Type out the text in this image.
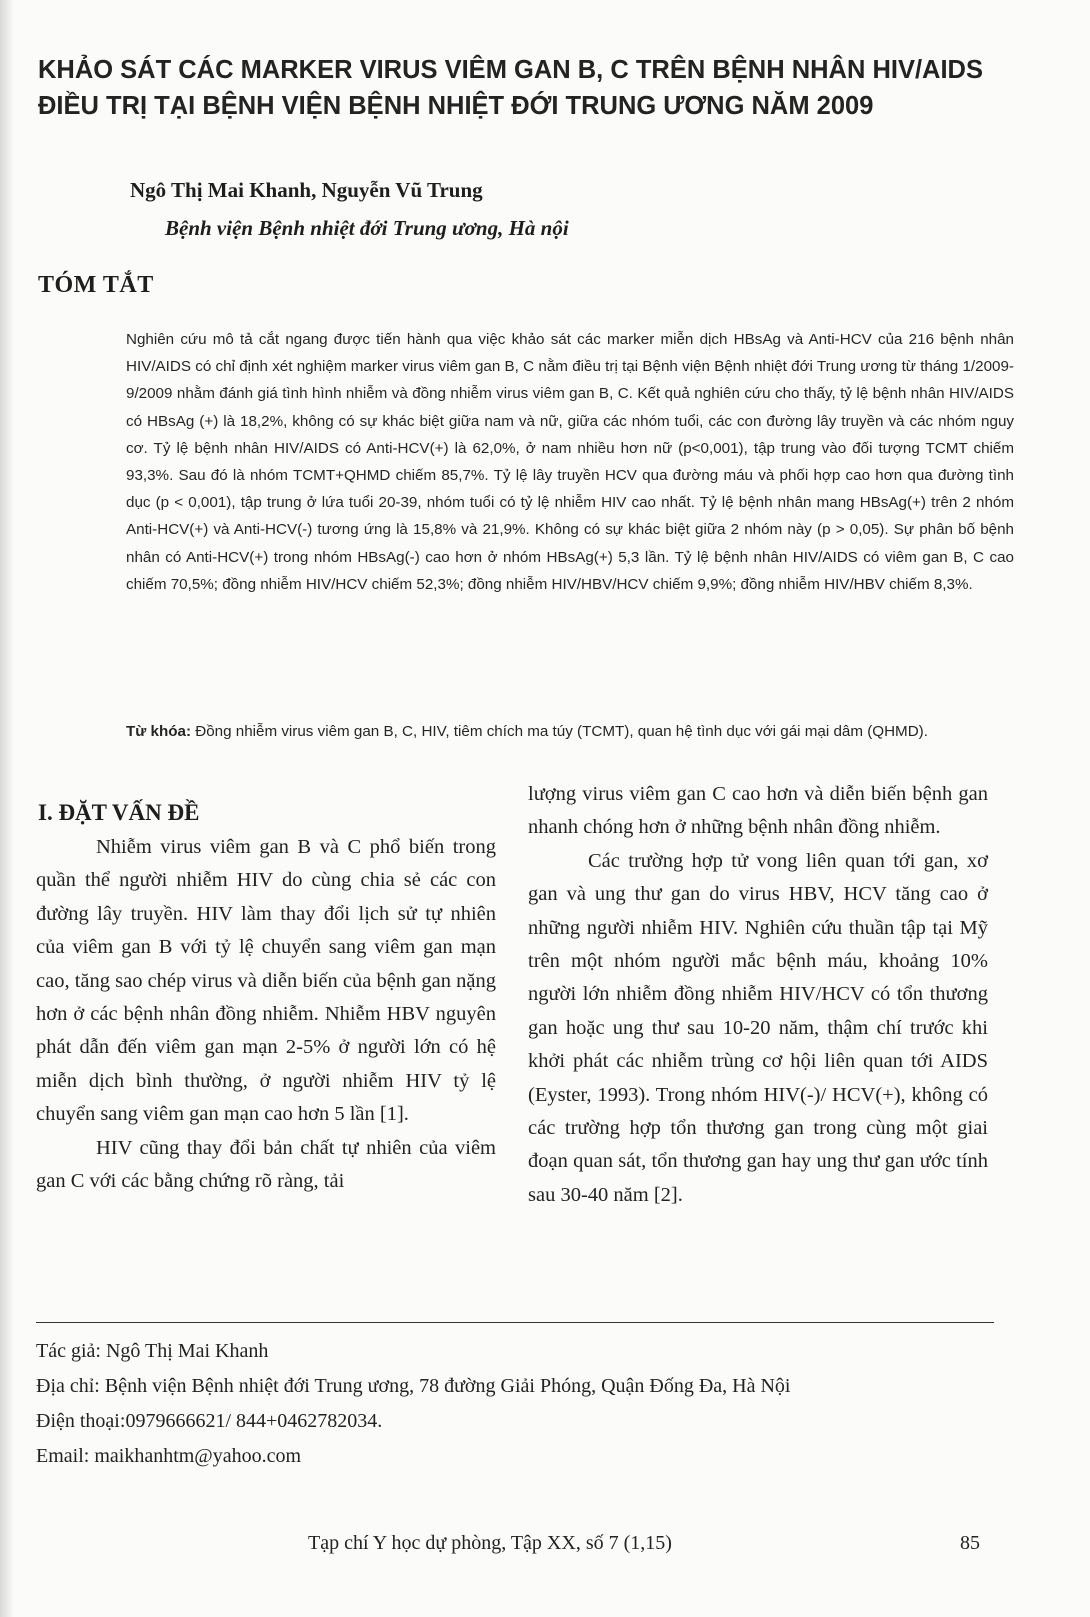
KHẢO SÁT CÁC MARKER VIRUS VIÊM GAN B, C TRÊN BỆNH NHÂN HIV/AIDS
ĐIỀU TRỊ TẠI BỆNH VIỆN BỆNH NHIỆT ĐỚI TRUNG ƯƠNG NĂM 2009
Ngô Thị Mai Khanh, Nguyễn Vũ Trung
Bệnh viện Bệnh nhiệt đới Trung ương, Hà nội
TÓM TẮT
Nghiên cứu mô tả cắt ngang được tiến hành qua việc khảo sát các marker miễn dịch HBsAg và Anti-HCV của 216 bệnh nhân HIV/AIDS có chỉ định xét nghiệm marker virus viêm gan B, C nằm điều trị tại Bệnh viện Bệnh nhiệt đới Trung ương từ tháng 1/2009-9/2009 nhằm đánh giá tình hình nhiễm và đồng nhiễm virus viêm gan B, C. Kết quả nghiên cứu cho thấy, tỷ lệ bệnh nhân HIV/AIDS có HBsAg (+) là 18,2%, không có sự khác biệt giữa nam và nữ, giữa các nhóm tuổi, các con đường lây truyền và các nhóm nguy cơ. Tỷ lệ bệnh nhân HIV/AIDS có Anti-HCV(+) là 62,0%, ở nam nhiều hơn nữ (p<0,001), tập trung vào đối tượng TCMT chiếm 93,3%. Sau đó là nhóm TCMT+QHMD chiếm 85,7%. Tỷ lệ lây truyền HCV qua đường máu và phối hợp cao hơn qua đường tình dục (p < 0,001), tập trung ở lứa tuổi 20-39, nhóm tuổi có tỷ lệ nhiễm HIV cao nhất. Tỷ lệ bệnh nhân mang HBsAg(+) trên 2 nhóm Anti-HCV(+) và Anti-HCV(-) tương ứng là 15,8% và 21,9%. Không có sự khác biệt giữa 2 nhóm này (p > 0,05). Sự phân bố bệnh nhân có Anti-HCV(+) trong nhóm HBsAg(-) cao hơn ở nhóm HBsAg(+) 5,3 lần. Tỷ lệ bệnh nhân HIV/AIDS có viêm gan B, C cao chiếm 70,5%; đồng nhiễm HIV/HCV chiếm 52,3%; đồng nhiễm HIV/HBV/HCV chiếm 9,9%; đồng nhiễm HIV/HBV chiếm 8,3%.
Từ khóa: Đồng nhiễm virus viêm gan B, C, HIV, tiêm chích ma túy (TCMT), quan hệ tình dục với gái mại dâm (QHMD).
I. ĐẶT VẤN ĐỀ

Nhiễm virus viêm gan B và C phổ biến trong quần thể người nhiễm HIV do cùng chia sẻ các con đường lây truyền. HIV làm thay đổi lịch sử tự nhiên của viêm gan B với tỷ lệ chuyển sang viêm gan mạn cao, tăng sao chép virus và diễn biến của bệnh gan nặng hơn ở các bệnh nhân đồng nhiễm. Nhiễm HBV nguyên phát dẫn đến viêm gan mạn 2-5% ở người lớn có hệ miễn dịch bình thường, ở người nhiễm HIV tỷ lệ chuyển sang viêm gan mạn cao hơn 5 lần [1].

HIV cũng thay đổi bản chất tự nhiên của viêm gan C với các bằng chứng rõ ràng, tải

lượng virus viêm gan C cao hơn và diễn biến bệnh gan nhanh chóng hơn ở những bệnh nhân đồng nhiễm.

Các trường hợp tử vong liên quan tới gan, xơ gan và ung thư gan do virus HBV, HCV tăng cao ở những người nhiễm HIV. Nghiên cứu thuần tập tại Mỹ trên một nhóm người mắc bệnh máu, khoảng 10% người lớn nhiễm đồng nhiễm HIV/HCV có tổn thương gan hoặc ung thư sau 10-20 năm, thậm chí trước khi khởi phát các nhiễm trùng cơ hội liên quan tới AIDS (Eyster, 1993). Trong nhóm HIV(-)/ HCV(+), không có các trường hợp tổn thương gan trong cùng một giai đoạn quan sát, tổn thương gan hay ung thư gan ước tính sau 30-40 năm [2].

Tác giả: Ngô Thị Mai Khanh
Địa chỉ: Bệnh viện Bệnh nhiệt đới Trung ương, 78 đường Giải Phóng, Quận Đống Đa, Hà Nội
Điện thoại:0979666621/ 844+0462782034.
Email: maikhanhtm@yahoo.com
Tạp chí Y học dự phòng, Tập XX, số 7 (1,15)	85
